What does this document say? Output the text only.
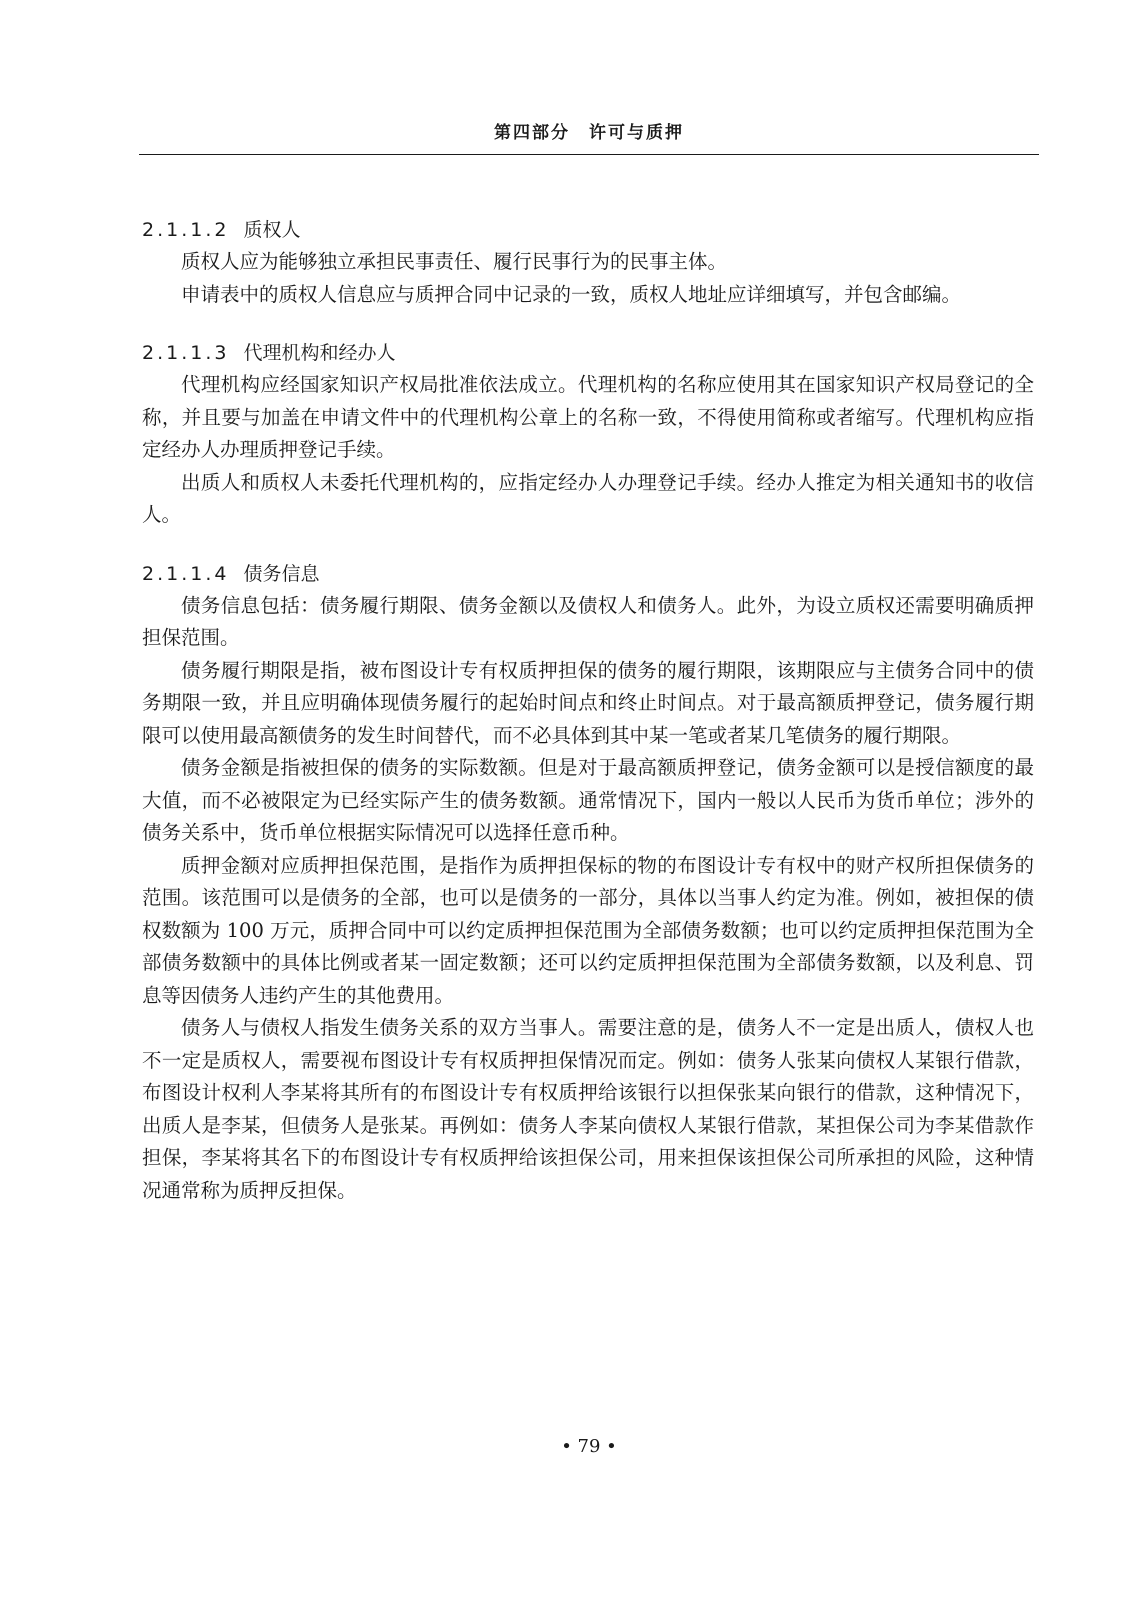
第四部分　许可与质押

2.1.1.2 质权人

质权人应为能够独立承担民事责任、履行民事行为的民事主体。

申请表中的质权人信息应与质押合同中记录的一致，质权人地址应详细填写，并包含邮编。

2.1.1.3 代理机构和经办人

代理机构应经国家知识产权局批准依法成立。代理机构的名称应使用其在国家知识产权局登记的全称，并且要与加盖在申请文件中的代理机构公章上的名称一致，不得使用简称或者缩写。代理机构应指定经办人办理质押登记手续。

出质人和质权人未委托代理机构的，应指定经办人办理登记手续。经办人推定为相关通知书的收信人。

2.1.1.4 债务信息

债务信息包括：债务履行期限、债务金额以及债权人和债务人。此外，为设立质权还需要明确质押担保范围。

债务履行期限是指，被布图设计专有权质押担保的债务的履行期限，该期限应与主债务合同中的债务期限一致，并且应明确体现债务履行的起始时间点和终止时间点。对于最高额质押登记，债务履行期限可以使用最高额债务的发生时间替代，而不必具体到其中某一笔或者某几笔债务的履行期限。

债务金额是指被担保的债务的实际数额。但是对于最高额质押登记，债务金额可以是授信额度的最大值，而不必被限定为已经实际产生的债务数额。通常情况下，国内一般以人民币为货币单位；涉外的债务关系中，货币单位根据实际情况可以选择任意币种。

质押金额对应质押担保范围，是指作为质押担保标的物的布图设计专有权中的财产权所担保债务的范围。该范围可以是债务的全部，也可以是债务的一部分，具体以当事人约定为准。例如，被担保的债权数额为 100 万元，质押合同中可以约定质押担保范围为全部债务数额；也可以约定质押担保范围为全部债务数额中的具体比例或者某一固定数额；还可以约定质押担保范围为全部债务数额，以及利息、罚息等因债务人违约产生的其他费用。

债务人与债权人指发生债务关系的双方当事人。需要注意的是，债务人不一定是出质人，债权人也不一定是质权人，需要视布图设计专有权质押担保情况而定。例如：债务人张某向债权人某银行借款，布图设计权利人李某将其所有的布图设计专有权质押给该银行以担保张某向银行的借款，这种情况下，出质人是李某，但债务人是张某。再例如：债务人李某向债权人某银行借款，某担保公司为李某借款作担保，李某将其名下的布图设计专有权质押给该担保公司，用来担保该担保公司所承担的风险，这种情况通常称为质押反担保。

• 79 •
